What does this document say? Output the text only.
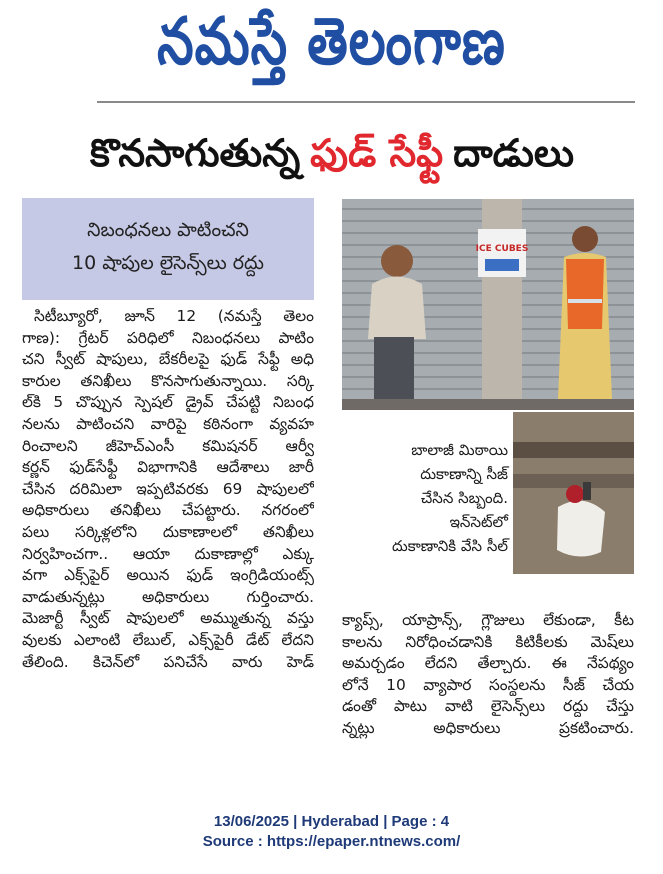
నమస్తే తెలంగాణ
కొనసాగుతున్న ఫుడ్ సేఫ్టీ దాడులు
నిబంధనలు పాటించని
10 షాపుల లైసెన్స్‌లు రద్దు
సిటీబ్యూరో, జూన్ 12 (నమస్తే తెలం
గాణ): గ్రేటర్ పరిధిలో నిబంధనలు పాటిం
చని స్వీట్ షాపులు, బేకరీలపై ఫుడ్ సేఫ్టీ అధి
కారుల తనిఖీలు కొనసాగుతున్నాయి. సర్కి
ల్‌కి 5 చొప్పున స్పెషల్ డ్రైవ్ చేపట్టి నిబంధ
నలను పాటించని వారిపై కఠినంగా వ్యవహ
రించాలని జీహెచ్‌ఎంసీ కమిషనర్ ఆర్వీ
కర్ణన్ ఫుడ్‌సేఫ్టీ విభాగానికి ఆదేశాలు జారీ
చేసిన దరిమిలా ఇప్పటివరకు 69 షాపులలో
అధికారులు తనిఖీలు చేపట్టారు. నగరంలో
పలు సర్కిళ్లలోని దుకాణాలలో తనిఖీలు
నిర్వహించగా.. ఆయా దుకాణాల్లో ఎక్కు
వగా ఎక్స్‌పైర్ అయిన ఫుడ్ ఇంగ్రిడియంట్స్
వాడుతున్నట్లు అధికారులు గుర్తించారు.
మెజార్టీ స్వీట్ షాపులలో అమ్ముతున్న వస్తు
వులకు ఎలాంటి లేబుల్, ఎక్స్‌పైరీ డేట్ లేదని
తేలింది. కిచెన్‌లో పనిచేసే వారు హెడ్
ICE CUBES
బాలాజీ మిఠాయి
దుకాణాన్ని సీజ్
చేసిన సిబ్బంది.
ఇన్‌సెట్‌లో
దుకాణానికి వేసి సీల్
క్యాప్స్, యాప్రాన్స్, గ్లౌజులు లేకుండా, కీట
కాలను నిరోధించడానికి కిటికీలకు మెష్‌లు
అమర్చడం లేదని తేల్చారు. ఈ నేపథ్యం
లోనే 10 వ్యాపార సంస్థలను సీజ్ చేయ
డంతో పాటు వాటి లైసెన్స్‌లు రద్దు చేస్తు
న్నట్లు అధికారులు ప్రకటించారు.
13/06/2025 | Hyderabad | Page : 4
Source : https://epaper.ntnews.com/
